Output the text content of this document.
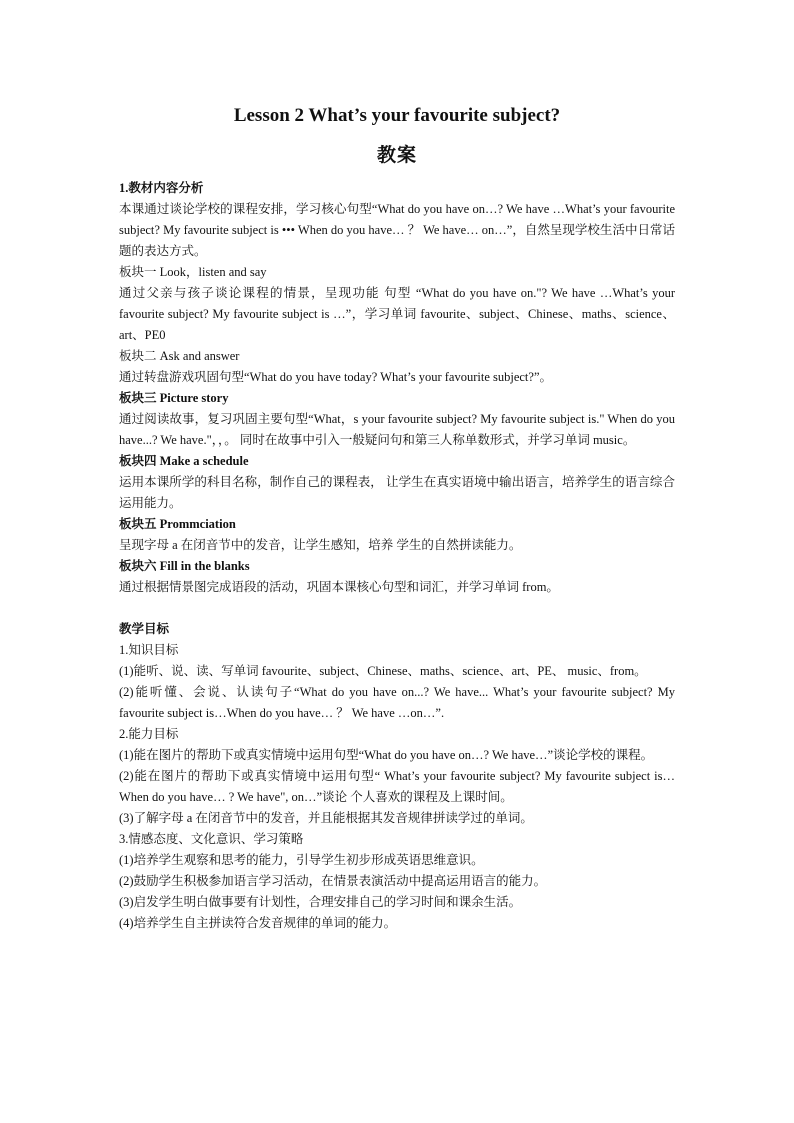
Lesson 2 What’s your favourite subject?

教案

1.教材内容分析

本课通过谈论学校的课程安排，学习核心句型“What do you have on…? We have …What’s your favourite subject? My favourite subject is ••• When do you have… ？ We have… on…”，自然呈现学校生活中日常话题的表达方式。

板块一 Look，listen and say

通过父亲与孩子谈论课程的情景，呈现功能 句型 “What do you have on."? We have …What’s your favourite subject? My favourite subject is …”，学习单词 favourite、subject、Chinese、maths、science、 art、PE0

板块二 Ask and answer

通过转盘游戏巩固句型“What do you have today? What’s your favourite subject?”。

板块三 Picture story

通过阅读故事，复习巩固主要句型“What，s your favourite subject? My favourite subject is." When do you have...? We have."，，。 同时在故事中引入一般疑问句和第三人称单数形式，并学习单词 music。

板块四 Make a schedule

运用本课所学的科目名称，制作自己的课程表， 让学生在真实语境中输出语言，培养学生的语言综合运用能力。

板块五 Prommciation

呈现字母 a 在闭音节中的发音，让学生感知，培养 学生的自然拼读能力。

板块六 Fill in the blanks

通过根据情景图完成语段的活动，巩固本课核心句型和词汇，并学习单词 from。

教学目标

1.知识目标

(1)能听、说、读、写单词 favourite、subject、Chinese、maths、science、art、PE、 music、from。

(2)能听懂、会说、认读句子“What do you have on...? We have... What’s your favourite subject? My favourite subject is…When do you have… ？ We have …on…”.

2.能力目标

(1)能在图片的帮助下或真实情境中运用句型“What do you have on…? We have…”谈论学校的课程。

(2)能在图片的帮助下或真实情境中运用句型“ What’s your favourite subject? My favourite subject is…When do you have… ? We have", on…”谈论 个人喜欢的课程及上课时间。

(3)了解字母 a 在闭音节中的发音，并且能根据其发音规律拼读学过的单词。

3.情感态度、文化意识、学习策略

(1)培养学生观察和思考的能力，引导学生初步形成英语思维意识。

(2)鼓励学生积极参加语言学习活动，在情景表演活动中提高运用语言的能力。

(3)启发学生明白做事要有计划性，合理安排自己的学习时间和课余生活。

(4)培养学生自主拼读符合发音规律的单词的能力。
